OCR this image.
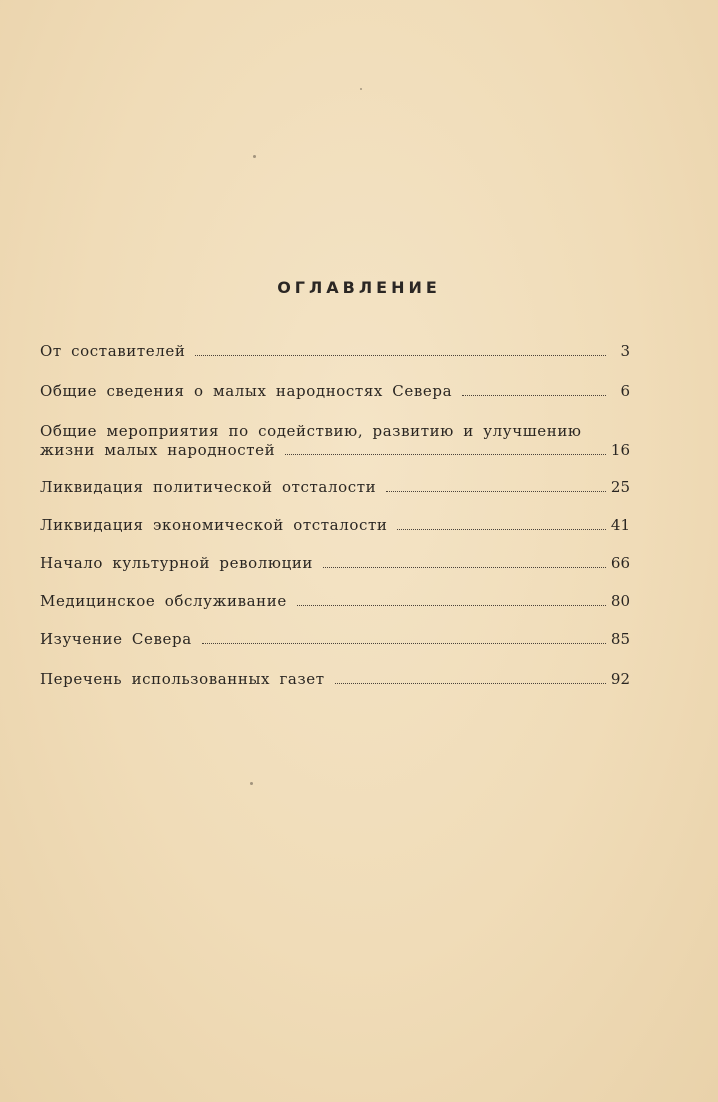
ОГЛАВЛЕНИЕ
От составителей	3
Общие сведения о малых народностях Севера	6
Общие мероприятия по содействию, развитию и улучшению
жизни малых народностей	16
Ликвидация политической отсталости	25
Ликвидация экономической отсталости	41
Начало культурной революции	66
Медицинское обслуживание	80
Изучение Севера	85
Перечень использованных газет	92
